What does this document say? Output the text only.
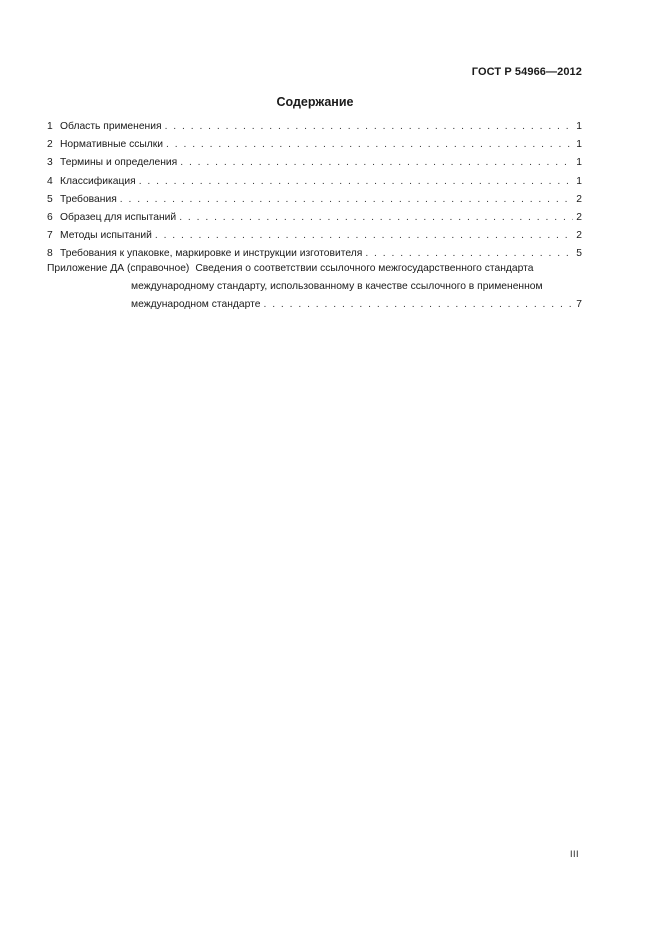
ГОСТ Р 54966—2012
Содержание
1 Область применения . . .	1
2 Нормативные ссылки . . .	1
3 Термины и определения . . .	1
4 Классификация . . .	1
5 Требования . . .	2
6 Образец для испытаний . . .	2
7 Методы испытаний . . .	2
8 Требования к упаковке, маркировке и инструкции изготовителя . . .	5
Приложение ДА (справочное) Сведения о соответствии ссылочного межгосударственного стандарта
международному стандарту, использованному в качестве ссылочного в примененном
международном стандарте . . .	7
III
